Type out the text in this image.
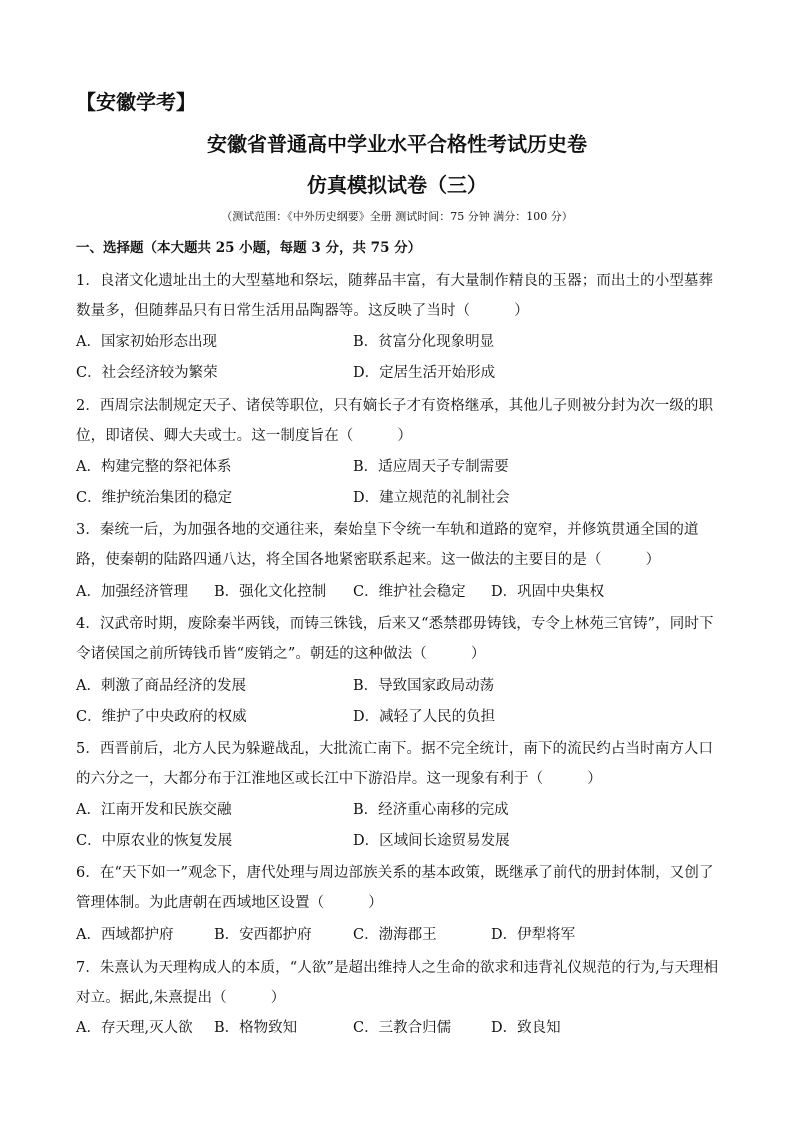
【安徽学考】
安徽省普通高中学业水平合格性考试历史卷
仿真模拟试卷（三）
（测试范围：《中外历史纲要》全册 测试时间：75 分钟 满分：100 分）
一、选择题（本大题共 25 小题，每题 3 分，共 75 分）
1．良渚文化遗址出土的大型墓地和祭坛，随葬品丰富，有大量制作精良的玉器；而出土的小型墓葬数量多，但随葬品只有日常生活用品陶器等。这反映了当时（	）
A．国家初始形态出现	B．贫富分化现象明显
C．社会经济较为繁荣	D．定居生活开始形成
2．西周宗法制规定天子、诸侯等职位，只有嫡长子才有资格继承，其他儿子则被分封为次一级的职位，即诸侯、卿大夫或士。这一制度旨在（	）
A．构建完整的祭祀体系	B．适应周天子专制需要
C．维护统治集团的稳定	D．建立规范的礼制社会
3．秦统一后，为加强各地的交通往来，秦始皇下令统一车轨和道路的宽窄，并修筑贯通全国的道路，使秦朝的陆路四通八达，将全国各地紧密联系起来。这一做法的主要目的是（	）
A．加强经济管理 B．强化文化控制 C．维护社会稳定 D．巩固中央集权
4．汉武帝时期，废除秦半两钱，而铸三铢钱，后来又“悉禁郡毋铸钱，专令上林苑三官铸”，同时下令诸侯国之前所铸钱币皆“废销之”。朝廷的这种做法（	）
A．刺激了商品经济的发展	B．导致国家政局动荡
C．维护了中央政府的权威	D．减轻了人民的负担
5．西晋前后，北方人民为躲避战乱，大批流亡南下。据不完全统计，南下的流民约占当时南方人口的六分之一，大都分布于江淮地区或长江中下游沿岸。这一现象有利于（	）
A．江南开发和民族交融	B．经济重心南移的完成
C．中原农业的恢复发展	D．区域间长途贸易发展
6．在“天下如一”观念下，唐代处理与周边部族关系的基本政策，既继承了前代的册封体制，又创了管理体制。为此唐朝在西域地区设置（	）
A．西域都护府	B．安西都护府	C．渤海郡王	D．伊犁将军
7．朱熹认为天理构成人的本质，“人欲”是超出维持人之生命的欲求和违背礼仪规范的行为,与天理相对立。据此,朱熹提出（	）
A．存天理,灭人欲 B．格物致知	C．三教合归儒	D．致良知
